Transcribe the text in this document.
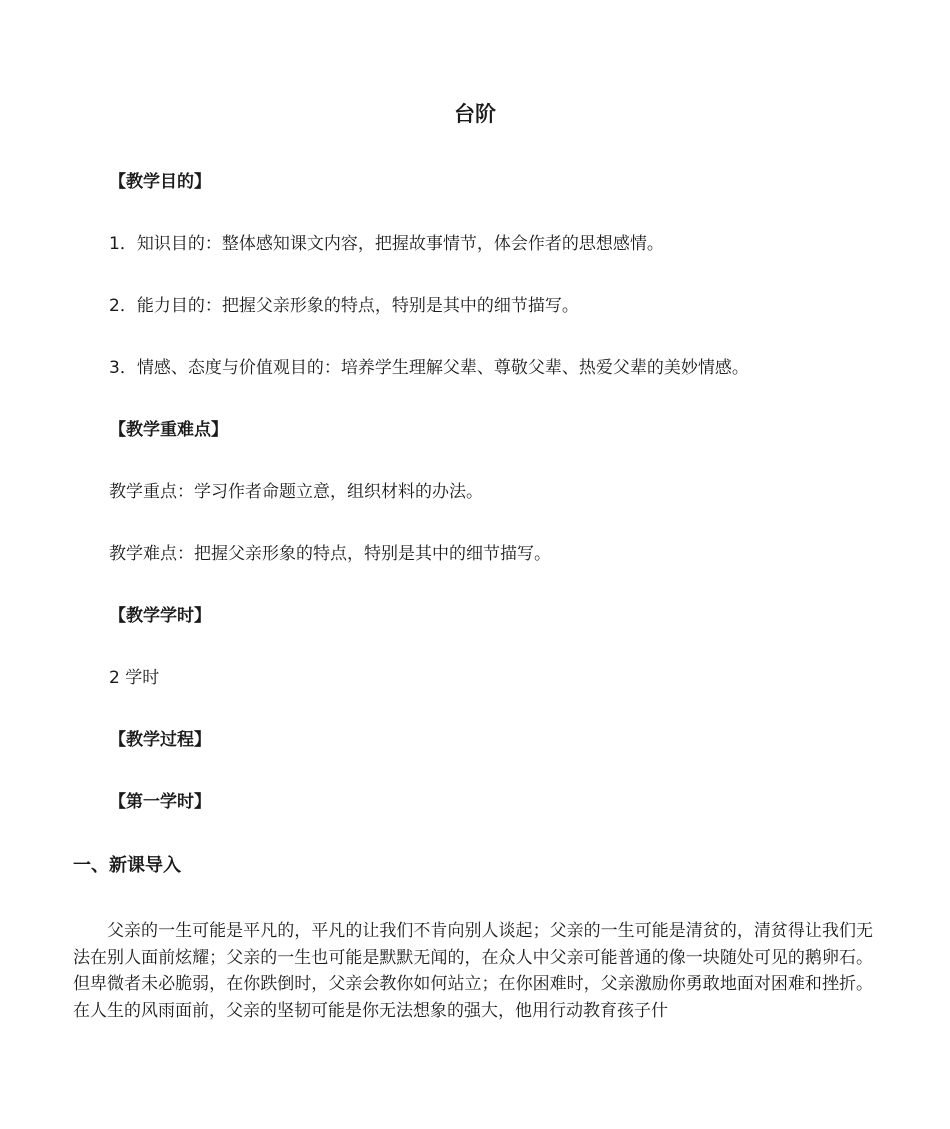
台阶
【教学目的】
1．知识目的：整体感知课文内容，把握故事情节，体会作者的思想感情。
2．能力目的：把握父亲形象的特点，特别是其中的细节描写。
3．情感、态度与价值观目的：培养学生理解父辈、尊敬父辈、热爱父辈的美妙情感。
【教学重难点】
教学重点：学习作者命题立意，组织材料的办法。
教学难点：把握父亲形象的特点，特别是其中的细节描写。
【教学学时】
2 学时
【教学过程】
【第一学时】
一、新课导入
父亲的一生可能是平凡的，平凡的让我们不肯向别人谈起；父亲的一生可能是清贫的，清贫得让我们无法在别人面前炫耀；父亲的一生也可能是默默无闻的，在众人中父亲可能普通的像一块随处可见的鹅卵石。但卑微者未必脆弱，在你跌倒时，父亲会教你如何站立；在你困难时，父亲激励你勇敢地面对困难和挫折。在人生的风雨面前，父亲的坚韧可能是你无法想象的强大，他用行动教育孩子什
